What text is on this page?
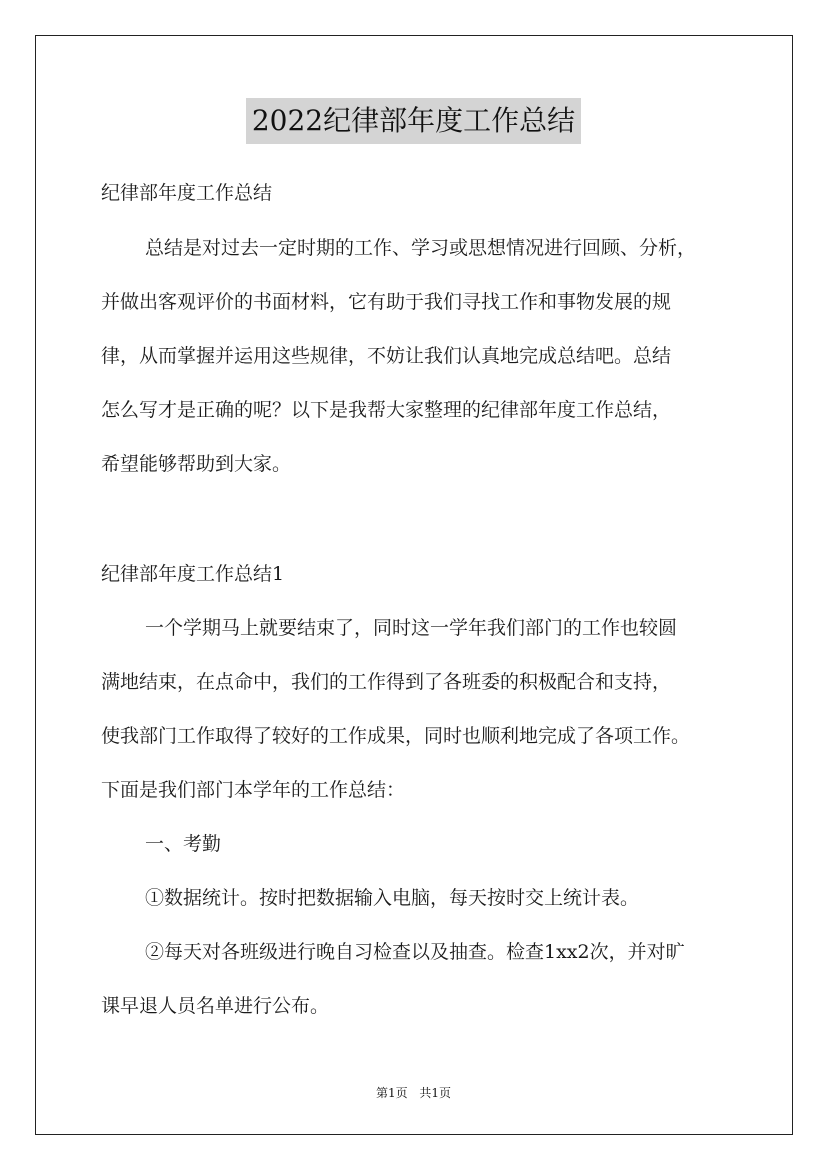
2022纪律部年度工作总结
纪律部年度工作总结
总结是对过去一定时期的工作、学习或思想情况进行回顾、分析，
并做出客观评价的书面材料，它有助于我们寻找工作和事物发展的规
律，从而掌握并运用这些规律，不妨让我们认真地完成总结吧。总结
怎么写才是正确的呢？以下是我帮大家整理的纪律部年度工作总结，
希望能够帮助到大家。
纪律部年度工作总结1
一个学期马上就要结束了，同时这一学年我们部门的工作也较圆
满地结束，在点命中，我们的工作得到了各班委的积极配合和支持，
使我部门工作取得了较好的工作成果，同时也顺利地完成了各项工作。
下面是我们部门本学年的工作总结：
一、考勤
①数据统计。按时把数据输入电脑，每天按时交上统计表。
②每天对各班级进行晚自习检查以及抽查。检查1xx2次，并对旷
课早退人员名单进行公布。
第1页 共1页
